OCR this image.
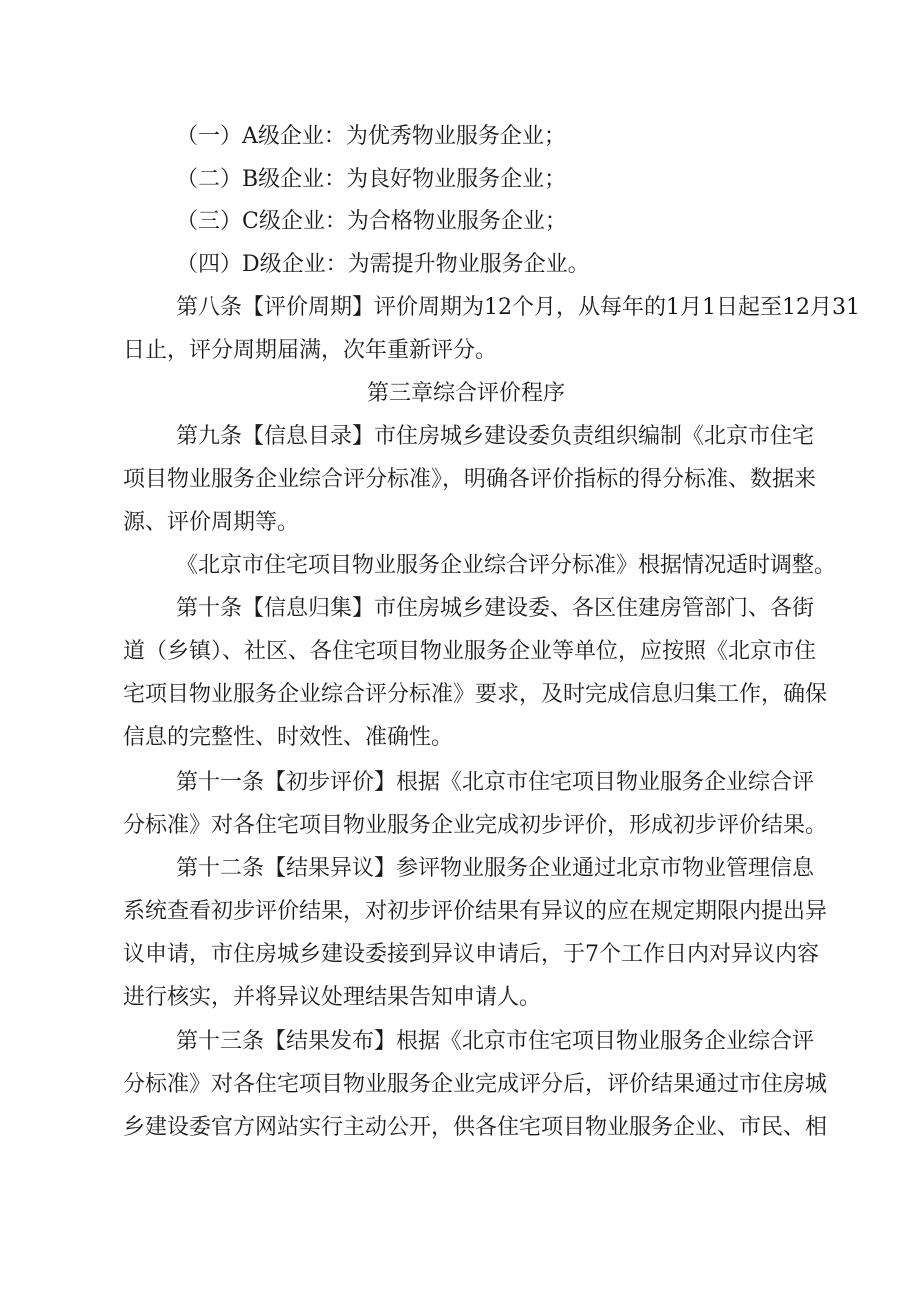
（一）A级企业：为优秀物业服务企业；
（二）B级企业：为良好物业服务企业；
（三）C级企业：为合格物业服务企业；
（四）D级企业：为需提升物业服务企业。
第八条【评价周期】评价周期为12个月，从每年的1月1日起至12月31
日止，评分周期届满，次年重新评分。
第三章综合评价程序
第九条【信息目录】市住房城乡建设委负责组织编制《北京市住宅
项目物业服务企业综合评分标准》，明确各评价指标的得分标准、数据来
源、评价周期等。
《北京市住宅项目物业服务企业综合评分标准》根据情况适时调整。
第十条【信息归集】市住房城乡建设委、各区住建房管部门、各街
道（乡镇）、社区、各住宅项目物业服务企业等单位，应按照《北京市住
宅项目物业服务企业综合评分标准》要求，及时完成信息归集工作，确保
信息的完整性、时效性、准确性。
第十一条【初步评价】根据《北京市住宅项目物业服务企业综合评
分标准》对各住宅项目物业服务企业完成初步评价，形成初步评价结果。
第十二条【结果异议】参评物业服务企业通过北京市物业管理信息
系统查看初步评价结果，对初步评价结果有异议的应在规定期限内提出异
议申请，市住房城乡建设委接到异议申请后，于7个工作日内对异议内容
进行核实，并将异议处理结果告知申请人。
第十三条【结果发布】根据《北京市住宅项目物业服务企业综合评
分标准》对各住宅项目物业服务企业完成评分后，评价结果通过市住房城
乡建设委官方网站实行主动公开，供各住宅项目物业服务企业、市民、相
